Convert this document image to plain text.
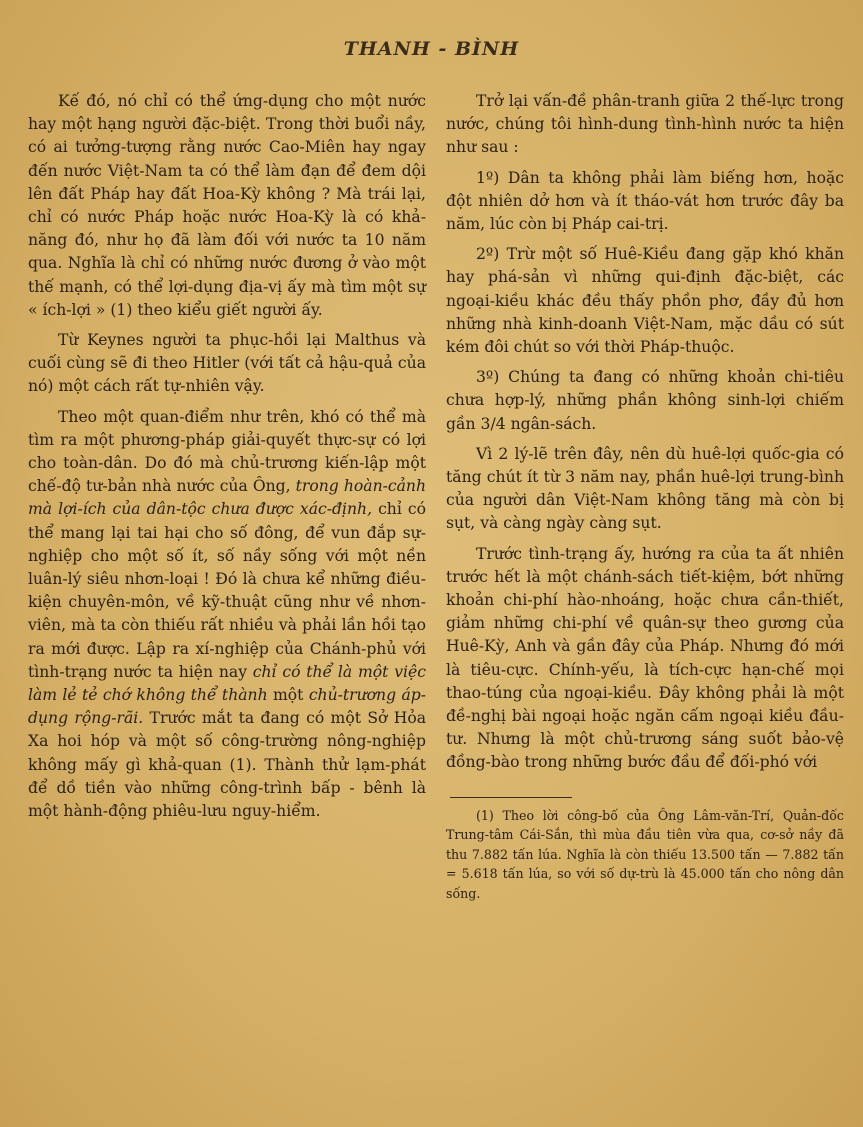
THANH - BÌNH

Kế đó, nó chỉ có thể ứng-dụng cho một nước hay một hạng người đặc-biệt. Trong thời buổi nầy, có ai tưởng-tượng rằng nước Cao-Miên hay ngay đến nước Việt-Nam ta có thể làm đạn để đem dội lên đất Pháp hay đất Hoa-Kỳ không ? Mà trái lại, chỉ có nước Pháp hoặc nước Hoa-Kỳ là có khả-năng đó, như họ đã làm đối với nước ta 10 năm qua. Nghĩa là chỉ có những nước đương ở vào một thế mạnh, có thể lợi-dụng địa-vị ấy mà tìm một sự « ích-lợi » (1) theo kiểu giết người ấy.

Từ Keynes người ta phục-hồi lại Malthus và cuối cùng sẽ đi theo Hitler (với tất cả hậu-quả của nó) một cách rất tự-nhiên vậy.

Theo một quan-điểm như trên, khó có thể mà tìm ra một phương-pháp giải-quyết thực-sự có lợi cho toàn-dân. Do đó mà chủ-trương kiến-lập một chế-độ tư-bản nhà nước của Ông, trong hoàn-cảnh mà lợi-ích của dân-tộc chưa được xác-định, chỉ có thể mang lại tai hại cho số đông, để vun đắp sự-nghiệp cho một số ít, số nầy sống với một nền luân-lý siêu nhơn-loại ! Đó là chưa kể những điều-kiện chuyên-môn, về kỹ-thuật cũng như về nhơn-viên, mà ta còn thiếu rất nhiều và phải lần hồi tạo ra mới được. Lập ra xí-nghiệp của Chánh-phủ với tình-trạng nước ta hiện nay chỉ có thể là một việc làm lẻ tẻ chớ không thể thành một chủ-trương áp-dụng rộng-rãi. Trước mắt ta đang có một Sở Hỏa Xa hoi hóp và một số công-trường nông-nghiệp không mấy gì khả-quan (1). Thành thử lạm-phát để dồ tiền vào những công-trình bấp - bênh là một hành-động phiêu-lưu nguy-hiểm.

Trở lại vấn-đề phân-tranh giữa 2 thế-lực trong nước, chúng tôi hình-dung tình-hình nước ta hiện như sau :

1º) Dân ta không phải làm biếng hơn, hoặc đột nhiên dở hơn và ít tháo-vát hơn trước đây ba năm, lúc còn bị Pháp cai-trị.

2º) Trừ một số Huê-Kiều đang gặp khó khăn hay phá-sản vì những qui-định đặc-biệt, các ngoại-kiều khác đều thấy phồn phơ, đầy đủ hơn những nhà kinh-doanh Việt-Nam, mặc dầu có sút kém đôi chút so với thời Pháp-thuộc.

3º) Chúng ta đang có những khoản chi-tiêu chưa hợp-lý, những phần không sinh-lợi chiếm gần 3/4 ngân-sách.

Vì 2 lý-lẽ trên đây, nên dù huê-lợi quốc-gia có tăng chút ít từ 3 năm nay, phần huê-lợi trung-bình của người dân Việt-Nam không tăng mà còn bị sụt, và càng ngày càng sụt.

Trước tình-trạng ấy, hướng ra của ta ất nhiên trước hết là một chánh-sách tiết-kiệm, bớt những khoản chi-phí hào-nhoáng, hoặc chưa cần-thiết, giảm những chi-phí về quân-sự theo gương của Huê-Kỳ, Anh và gần đây của Pháp. Nhưng đó mới là tiêu-cực. Chính-yếu, là tích-cực hạn-chế mọi thao-túng của ngoại-kiều. Đây không phải là một đề-nghị bài ngoại hoặc ngăn cấm ngoại kiều đầu-tư. Nhưng là một chủ-trương sáng suốt bảo-vệ đồng-bào trong những bước đầu để đối-phó với

(1) Theo lời công-bố của Ông Lâm-văn-Trí, Quản-đốc Trung-tâm Cái-Sắn, thì mùa đầu tiên vừa qua, cơ-sở nầy đã thu 7.882 tấn lúa. Nghĩa là còn thiếu 13.500 tấn — 7.882 tấn = 5.618 tấn lúa, so với số dự-trù là 45.000 tấn cho nông dân sống.
